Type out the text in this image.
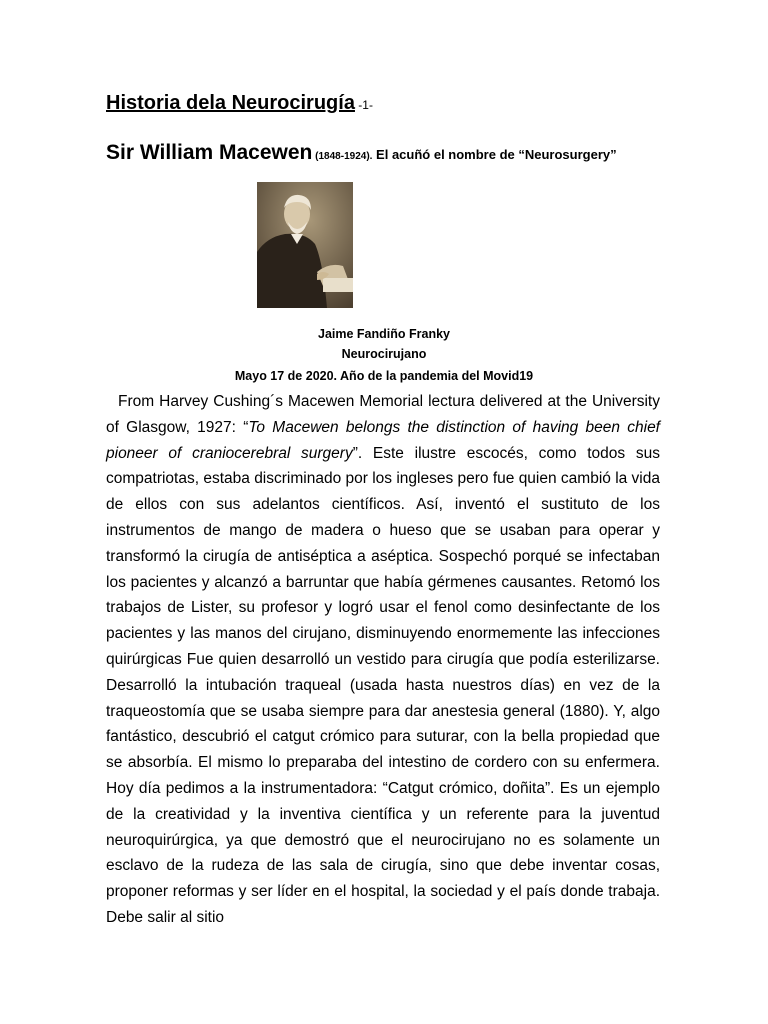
Historia dela Neurocirugía -1-
Sir William Macewen (1848-1924). El acuñó el nombre de “Neurosurgery”
Jaime Fandiño Franky
Neurocirujano
Mayo 17 de 2020. Año de la pandemia del Movid19

From Harvey Cushing´s Macewen Memorial lectura delivered at the University of Glasgow, 1927: “To Macewen belongs the distinction of having been chief pioneer of craniocerebral surgery”. Este ilustre escocés, como todos sus compatriotas, estaba discriminado por los ingleses pero fue quien cambió la vida de ellos con sus adelantos científicos. Así, inventó el sustituto de los instrumentos de mango de madera o hueso que se usaban para operar y transformó la cirugía de antiséptica a aséptica. Sospechó porqué se infectaban los pacientes y alcanzó a barruntar que había gérmenes causantes. Retomó los trabajos de Lister, su profesor y logró usar el fenol como desinfectante de los pacientes y las manos del cirujano, disminuyendo enormemente las infecciones quirúrgicas Fue quien desarrolló un vestido para cirugía que podía esterilizarse. Desarrolló la intubación traqueal (usada hasta nuestros días) en vez de la traqueostomía que se usaba siempre para dar anestesia general (1880). Y, algo fantástico, descubrió el catgut crómico para suturar, con la bella propiedad que se absorbía. El mismo lo preparaba del intestino de cordero con su enfermera. Hoy día pedimos a la instrumentadora: “Catgut crómico, doñita”. Es un ejemplo de la creatividad y la inventiva científica y un referente para la juventud neuroquirúrgica, ya que demostró que el neurocirujano no es solamente un esclavo de la rudeza de las sala de cirugía, sino que debe inventar cosas, proponer reformas y ser líder en el hospital, la sociedad y el país donde trabaja. Debe salir al sitio
